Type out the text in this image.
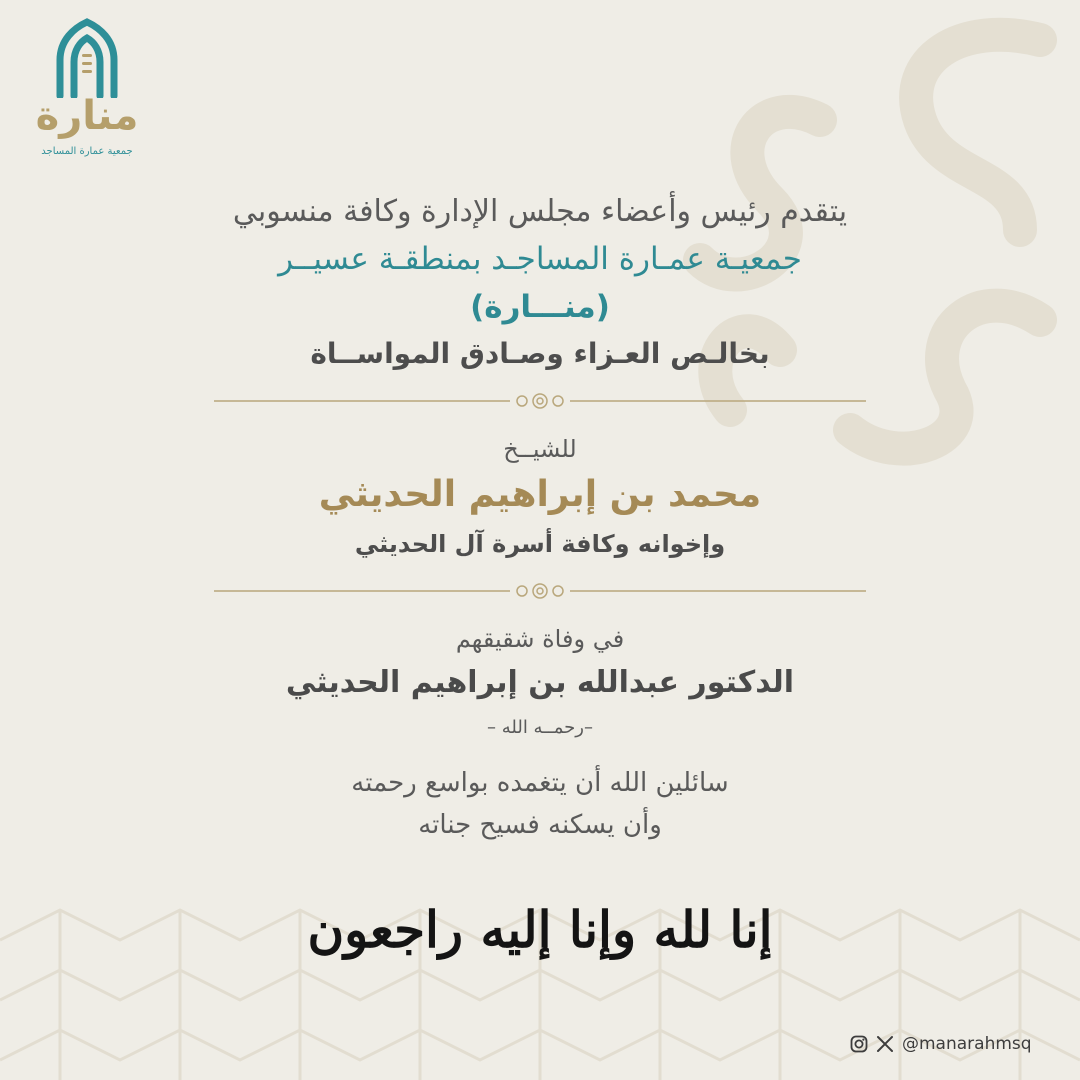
منارة
جمعية عمارة المساجد
يتقدم رئيس وأعضاء مجلس الإدارة وكافة منسوبي
جمعيـة عمـارة المساجـد بمنطقـة عسيــر
(منـــارة)
بخالـص العـزاء وصـادق المواســاة
للشيــخ
محمد بن إبراهيم الحديثي
وإخوانه وكافة أسرة آل الحديثي
في وفاة شقيقهم
الدكتور عبدالله بن إبراهيم الحديثي
–رحمــه الله –
سائلين الله أن يتغمده بواسع رحمته
وأن يسكنه فسيح جناته
إنا لله وإنا إليه راجعون
@manarahmsq
